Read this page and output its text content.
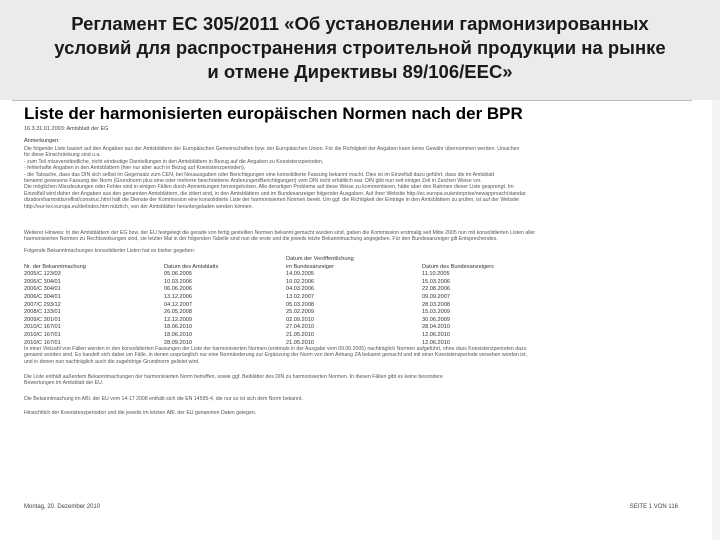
Регламент ЕС 305/2011 «Об установлении гармонизированных
условий для распространения строительной продукции на рынке
и отмене Директивы 89/106/ЕЕС»
Liste der harmonisierten europäischen Normen nach der BPR
16.3.31.01.2003: Amtsblatt der EG
Anmerkungen:
Die folgende Liste basiert auf den Angaben aus der Amtsblättern der Europäischen Gemeinschaften bzw. der Europäischen Union. Für die Richtigkeit der Angaben kann keine Gewähr übernommen werden. Ursachen
für diese Einschränkung sind u.a.
- zum Teil missverständliche, nicht eindeutige Darstellungen in den Amtsblättern in Bezug auf die Angaben zu Koexistenzperioden,
- fehlerhafte Angaben in den Amtsblättern (hier nur aber auch in Bezug auf Koexistenzperioden),
- die Tatsache, dass das DIN sich selbst im Gegensatz zum CEN, bei Neuausgaben oder Berichtigungen eine konsolidierte Fassung bekannt macht. Dies ist im Einzelfall dazu geführt, dass die im Amtsblatt
benannt gewesene Fassung der Norm (Grundnorm plus eine oder mehrere beschriebene Änderungen/Berichtigungen) vom DIN nicht erhältlich war. DIN gibt nun seit einiger Zeit in Zeichen Weise vor.
Die möglichen Missdeutungen oder Fehler sind in einigen Fällen durch Anmerkungen hervorgehoben. Alle derartigen Probleme auf diese Weise zu kommentieren, hätte aber den Rahmen dieser Liste gesprengt. Im
Einzelfall wird daher der Angaben aus den genannten Amtsblättern, die zitiert sind, in den Amtsblättern und im Bundesanzeiger folgender Ausgaben. Auf ihrer Website http://ec.europa.eu/enterprise/newapproach/standar
dization/harmstds/reflist/construc.html hält die Dienste der Kommission eine konsolidierte Liste der harmonisierten Normen bereit. Um ggf. die Richtigkeit der Einträge in den Amtsblättern zu prüfen, ist auf der Website
http://eur-lex.europa.eu/de/index.htm nützlich, von der Amtsblätter heruntergeladen werden können.
Weiterer Hinweis: In der Amtsblättern der EG bzw. der EU festgelegt die gerade von fertig gestellten Normen bekannt gemacht wurden sind, gaben die Kommission erstmalig seit Mitte 2005 nun mit konsolidierten Listen aller
harmonisierten Normen zu Rechtswirkungen sind, sie letzter Mal in der folgenden Tabelle sind nun die erste und die jeweils letzte Bekanntmachung angegeben. Für den Bundesanzeiger gilt Entsprechendes.
Folgende Bekanntmachungen konsolidierter Listen hat es bisher gegeben:
Datum der Veröffentlichung
Nr. der Bekanntmachung	Datum des Amtsblatts	im Bundesanzeiger	Datum des Bundesanzeigers
2005/C 123/03	05.06.2005	14.09.2005	11.10.2005
2006/C 304/01	10.03.2006	10.02.2006	15.03.2006
2006/C 304/01	06.06.2006	04.03.2006	22.08.2006
2006/C 304/01	13.12.2006	13.02.2007	09.09.2007
2007/C 293/12	04.12.2007	05.03.2008	28.03.2008
2008/C 133/01	26.05.2008	25.02.2009	15.03.2009
2009/C 301/01	12.12.2009	02.09.2010	30.06.2009
2010/C 167/01	18.06.2010	27.04.2010	28.04.2010
2010/C 167/01	18.06.2010	21.05.2010	12.06.2010
2010/C 167/01	28.09.2010	21.05.2010	12.06.2010
In einer Vielzahl von Fällen werden in den konsolidierten Fassungen der Liste der harmonisierten Normen (erstmals in der Ausgabe vom 09.06.2005) nachträglich Normen aufgeführt, ohne dass Koexistenzperioden dazu
genannt worden sind. Es handelt sich dabei um Fälle, in denen ursprünglich nur eine Normänderung zur Ergänzung der Norm von dem Anhang ZA bekannt gemacht und mit einer Koexistenzperiode versehen worden ist,
und in denen nun nachträglich auch die zugehörige Grundnorm gelistet wird.
Die Liste enthält außerdem Bekanntmachungen der harmonisierten Norm betreffen, sowie ggf. Beiblätter des DIN zu harmonisierten Normen. In diesen Fällen gibt es keine besondere
Bewertungen im Amtsblatt der EU.
Die Bekanntmachung im ABl. der EU vom 14-17 2008 enthält sich die EN 14595-4, die nur so ist sich dem Norm bekannt.
Hinsichtlich der Koexistenzperioden und die jeweils im letzten ABl. der EU genannten Daten gelegen.
Montag, 20. Dezember 2010	SEITE 1 VON 116
